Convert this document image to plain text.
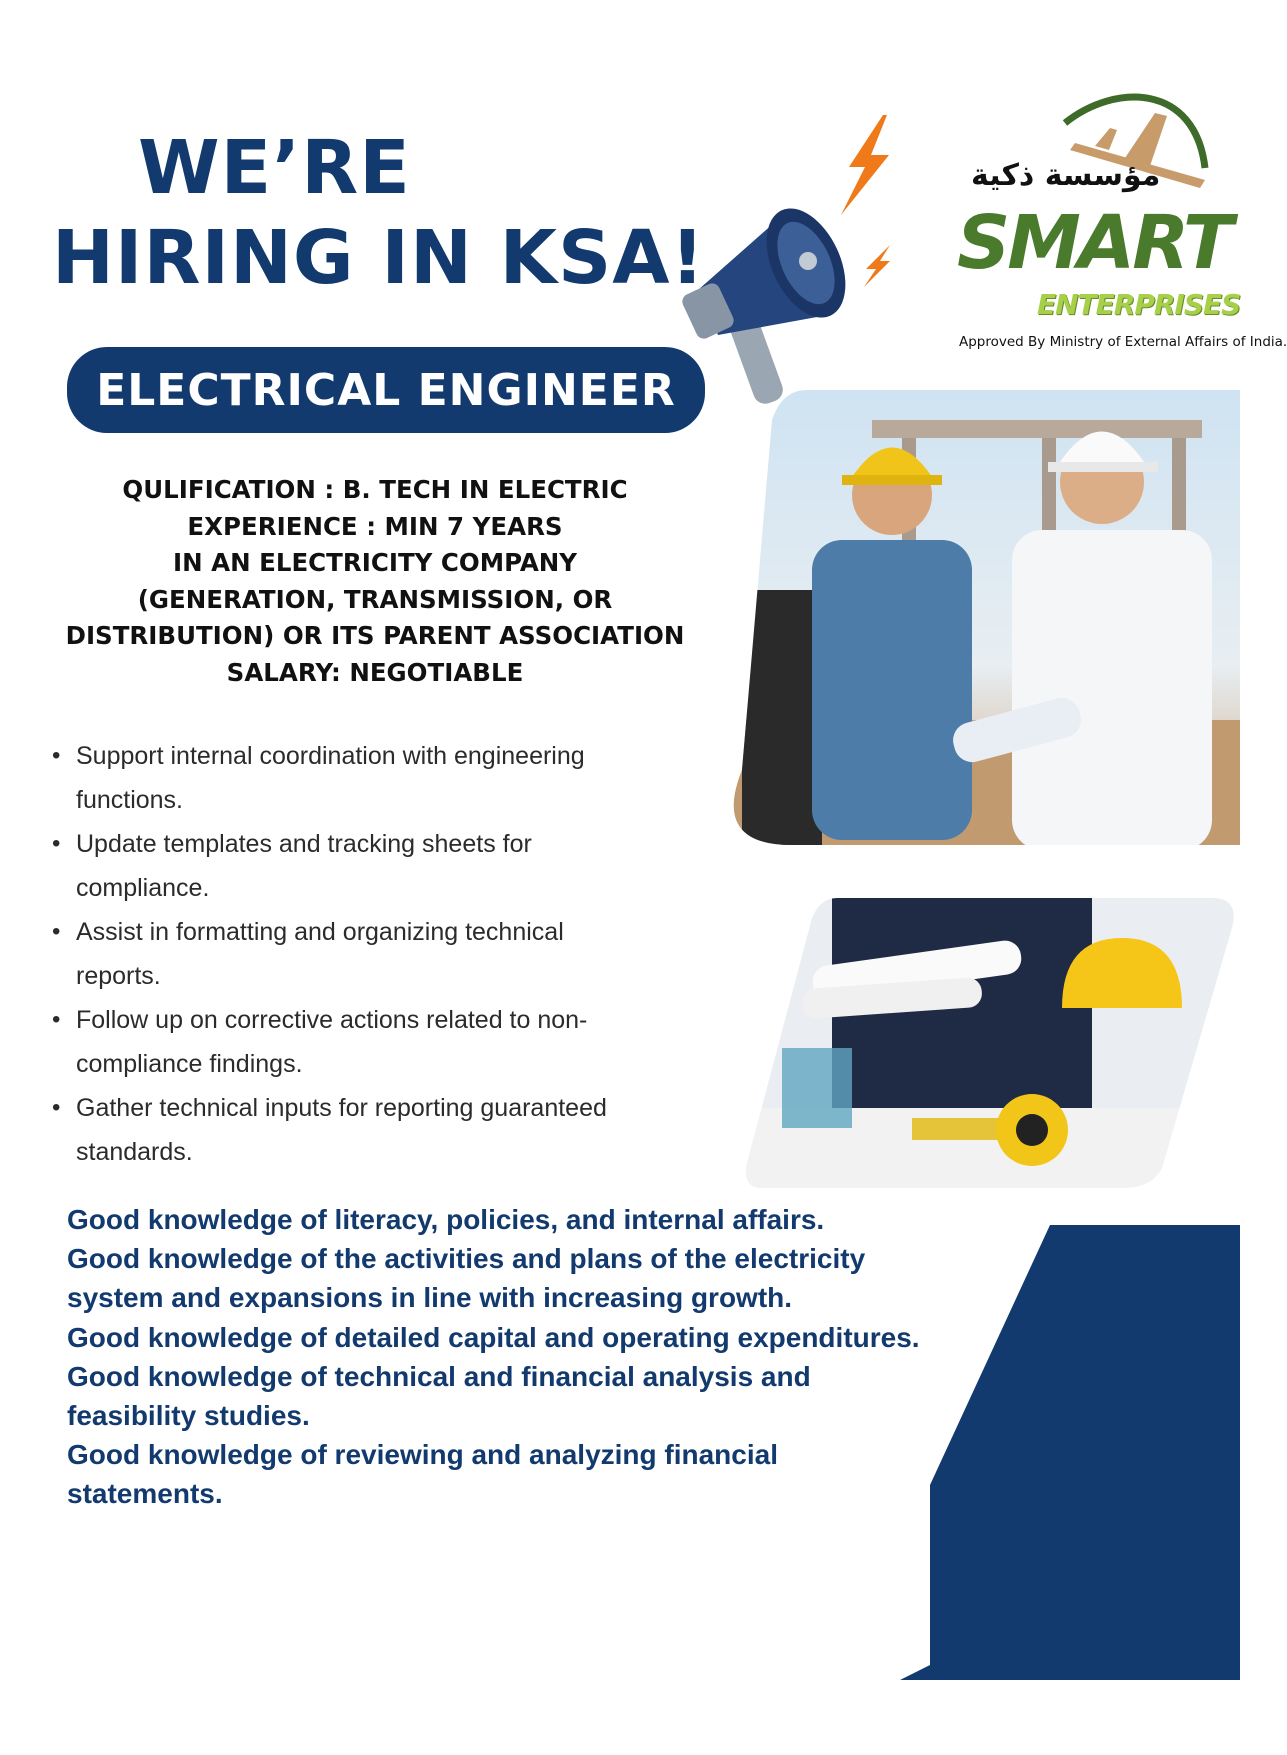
WE’RE
HIRING IN KSA!
مؤسسة ذكية
SMART
ENTERPRISES
Approved By Ministry of External Affairs of India.
ELECTRICAL ENGINEER
QULIFICATION : B. TECH IN ELECTRIC
EXPERIENCE : MIN 7 YEARS
IN AN ELECTRICITY COMPANY
(GENERATION, TRANSMISSION, OR
DISTRIBUTION) OR ITS PARENT ASSOCIATION
SALARY: NEGOTIABLE
• Support internal coordination with engineering
functions.
• Update templates and tracking sheets for
compliance.
• Assist in formatting and organizing technical
reports.
• Follow up on corrective actions related to non-
compliance findings.
• Gather technical inputs for reporting guaranteed
standards.
Good knowledge of literacy, policies, and internal affairs.
Good knowledge of the activities and plans of the electricity
system and expansions in line with increasing growth.
Good knowledge of detailed capital and operating expenditures.
Good knowledge of technical and financial analysis and
feasibility studies.
Good knowledge of reviewing and analyzing financial
statements.
